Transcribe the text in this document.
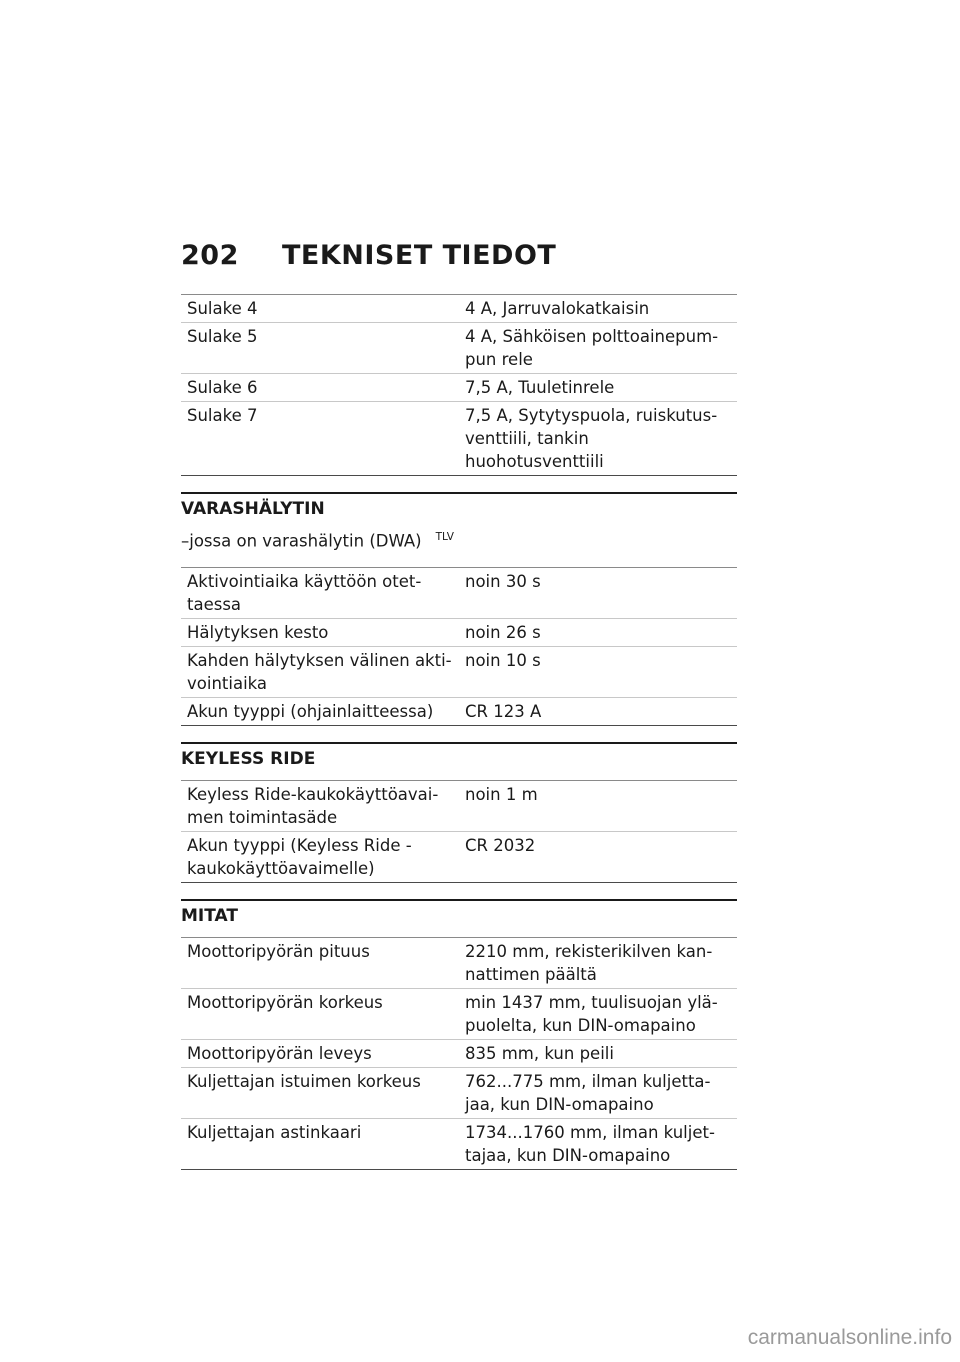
202	TEKNISET TIEDOT
Sulake 4	4 A, Jarruvalokatkaisin
Sulake 5	4 A, Sähköisen polttoainepum-pun rele
Sulake 6	7,5 A, Tuuletinrele
Sulake 7	7,5 A, Sytytyspuola, ruiskutus-venttiili, tankin huohotusventtiili
VARASHÄLYTIN
–jossa on varashälytin (DWA) $^{TLV}$
Aktivointiaika käyttöön otet-taessa	noin 30 s
Hälytyksen kesto	noin 26 s
Kahden hälytyksen välinen akti-vointiaika	noin 10 s
Akun tyyppi (ohjainlaitteessa)	CR 123 A
KEYLESS RIDE
Keyless Ride-kaukokäyttöavai-men toimintasäde	noin 1 m
Akun tyyppi (Keyless Ride -kaukokäyttöavaimelle)	CR 2032
MITAT
Moottoripyörän pituus	2210 mm, rekisterikilven kan-nattimen päältä
Moottoripyörän korkeus	min 1437 mm, tuulisuojan ylä-puolelta, kun DIN-omapaino
Moottoripyörän leveys	835 mm, kun peili
Kuljettajan istuimen korkeus	762...775 mm, ilman kuljetta-jaa, kun DIN-omapaino
Kuljettajan astinkaari	1734...1760 mm, ilman kuljet-tajaa, kun DIN-omapaino
carmanualsonline.info
